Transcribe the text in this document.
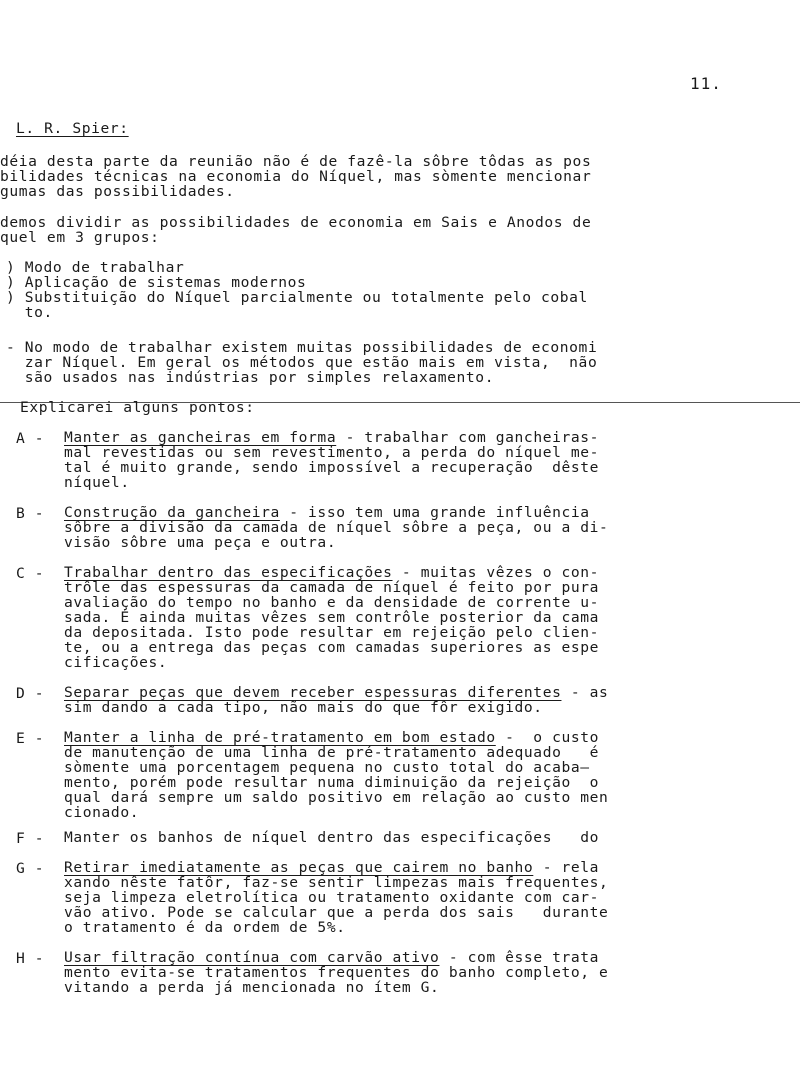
11.
L. R. Spier:
déia desta parte da reunião não é de fazê-la sôbre tôdas as pos
bilidades técnicas na economia do Níquel, mas sòmente mencionar
gumas das possibilidades.
demos dividir as possibilidades de economia em Sais e Anodos de
quel em 3 grupos:
) Modo de trabalhar
) Aplicação de sistemas modernos
) Substituição do Níquel parcialmente ou totalmente pelo cobal
to.
- No modo de trabalhar existem muitas possibilidades de economi
zar Níquel. Em geral os métodos que estão mais em vista,  não
são usados nas indústrias por simples relaxamento.
Explicarei alguns pontos:
A - Manter as gancheiras em forma - trabalhar com gancheiras-
mal revestidas ou sem revestimento, a perda do níquel me-
tal é muito grande, sendo impossível a recuperação  dêste
níquel.
B - Construção da gancheira - isso tem uma grande influência
sôbre a divisão da camada de níquel sôbre a peça, ou a di-
visão sôbre uma peça e outra.
C - Trabalhar dentro das especificações - muitas vêzes o con-
trôle das espessuras da camada de níquel é feito por pura
avaliação do tempo no banho e da densidade de corrente u-
sada. É ainda muitas vêzes sem contrôle posterior da cama
da depositada. Isto pode resultar em rejeição pelo clien-
te, ou a entrega das peças com camadas superiores as espe
cificações.
D - Separar peças que devem receber espessuras diferentes - as
sim dando a cada tipo, não mais do que fôr exigido.
E - Manter a linha de pré-tratamento em bom estado -  o custo
de manutenção de uma linha de pré-tratamento adequado   é
sòmente uma porcentagem pequena no custo total do acaba—
mento, porém pode resultar numa diminuição da rejeição  o
qual dará sempre um saldo positivo em relação ao custo men
cionado.
F - Manter os banhos de níquel dentro das especificações   do
G - Retirar imediatamente as peças que cairem no banho - rela
xando nêste fatôr, faz-se sentir limpezas mais frequentes,
seja limpeza eletrolítica ou tratamento oxidante com car-
vão ativo. Pode se calcular que a perda dos sais   durante
o tratamento é da ordem de 5%.
H - Usar filtração contínua com carvão ativo - com êsse trata
mento evita-se tratamentos frequentes do banho completo, e
vitando a perda já mencionada no ítem G.
